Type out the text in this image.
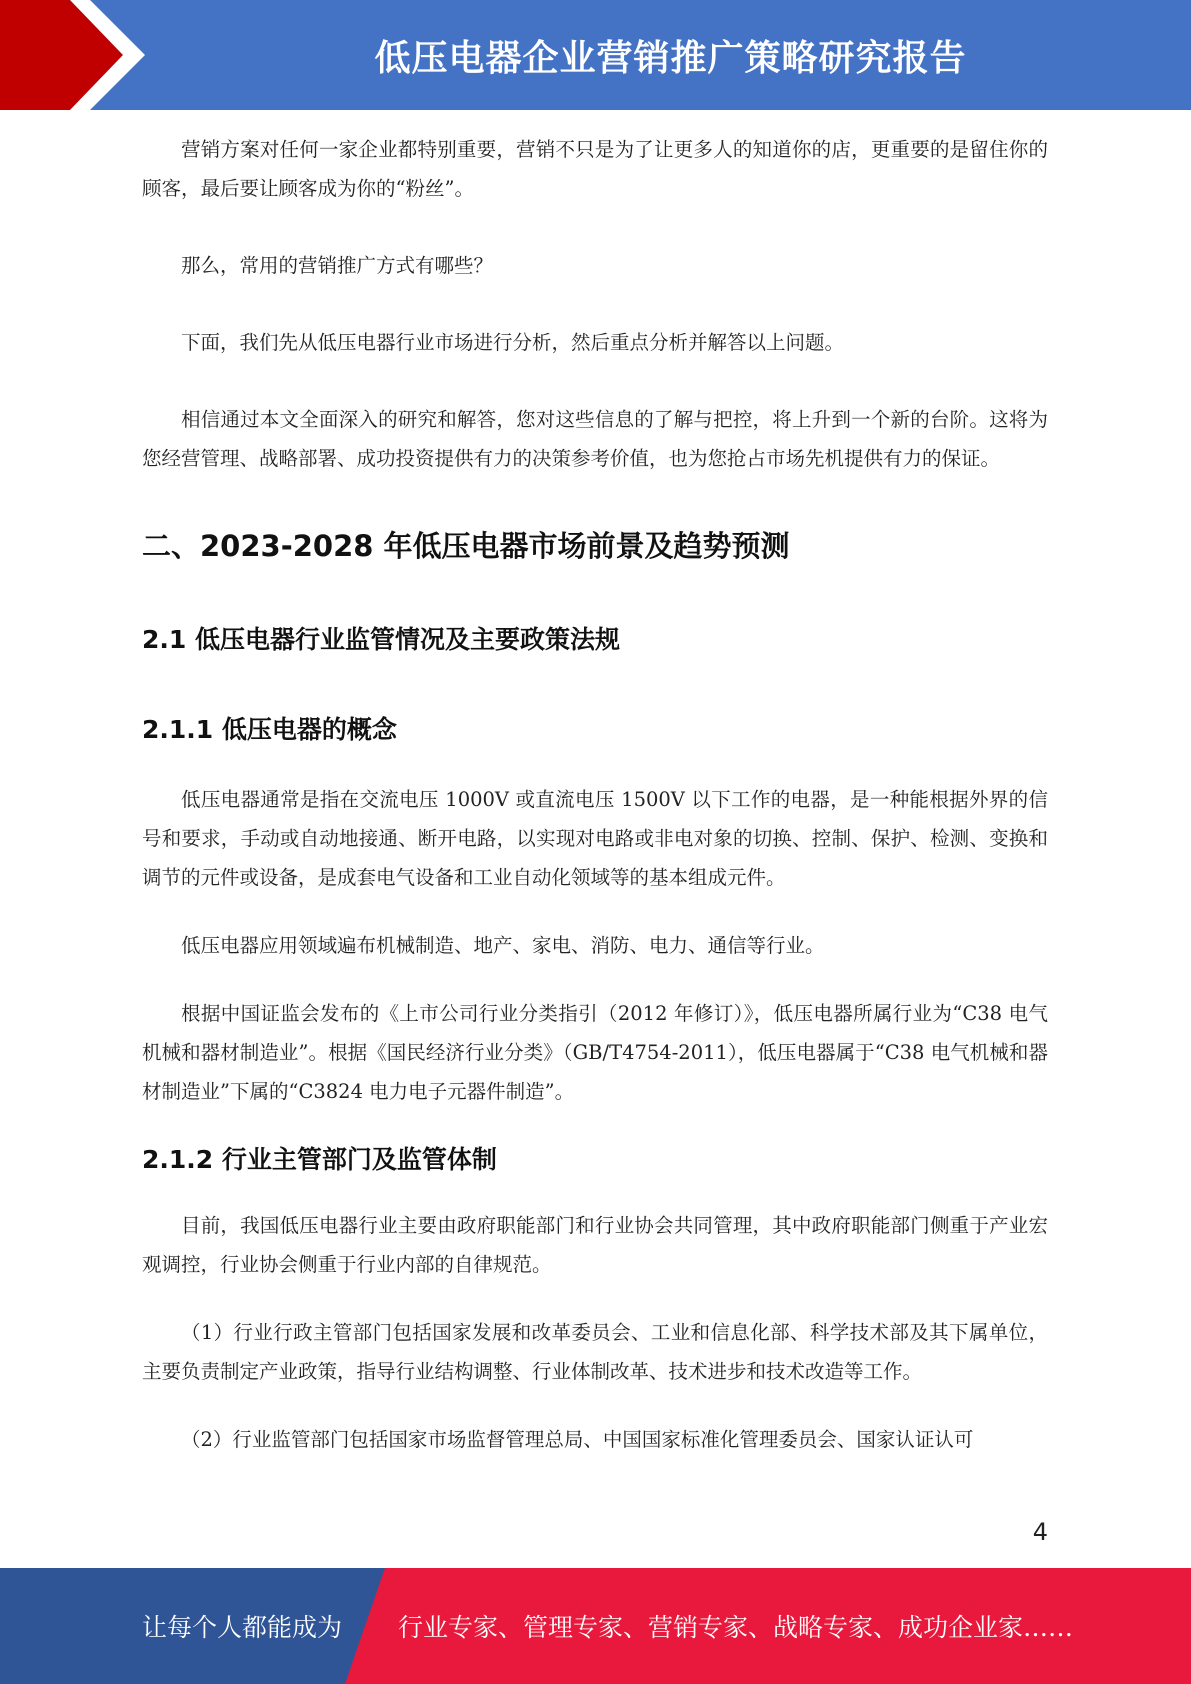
低压电器企业营销推广策略研究报告

营销方案对任何一家企业都特别重要，营销不只是为了让更多人的知道你的店，更重要的是留住你的顾客，最后要让顾客成为你的“粉丝”。

那么，常用的营销推广方式有哪些？

下面，我们先从低压电器行业市场进行分析，然后重点分析并解答以上问题。

相信通过本文全面深入的研究和解答，您对这些信息的了解与把控，将上升到一个新的台阶。这将为您经营管理、战略部署、成功投资提供有力的决策参考价值，也为您抢占市场先机提供有力的保证。

二、2023-2028 年低压电器市场前景及趋势预测
2.1 低压电器行业监管情况及主要政策法规
2.1.1 低压电器的概念

低压电器通常是指在交流电压 1000V 或直流电压 1500V 以下工作的电器，是一种能根据外界的信号和要求，手动或自动地接通、断开电路，以实现对电路或非电对象的切换、控制、保护、检测、变换和调节的元件或设备，是成套电气设备和工业自动化领域等的基本组成元件。

低压电器应用领域遍布机械制造、地产、家电、消防、电力、通信等行业。

根据中国证监会发布的《上市公司行业分类指引（2012 年修订）》，低压电器所属行业为“C38 电气机械和器材制造业”。根据《国民经济行业分类》（GB/T4754-2011），低压电器属于“C38 电气机械和器材制造业”下属的“C3824 电力电子元器件制造”。

2.1.2 行业主管部门及监管体制

目前，我国低压电器行业主要由政府职能部门和行业协会共同管理，其中政府职能部门侧重于产业宏观调控，行业协会侧重于行业内部的自律规范。

（1）行业行政主管部门包括国家发展和改革委员会、工业和信息化部、科学技术部及其下属单位，主要负责制定产业政策，指导行业结构调整、行业体制改革、技术进步和技术改造等工作。

（2）行业监管部门包括国家市场监督管理总局、中国国家标准化管理委员会、国家认证认可

4
让每个人都能成为 行业专家、管理专家、营销专家、战略专家、成功企业家……
